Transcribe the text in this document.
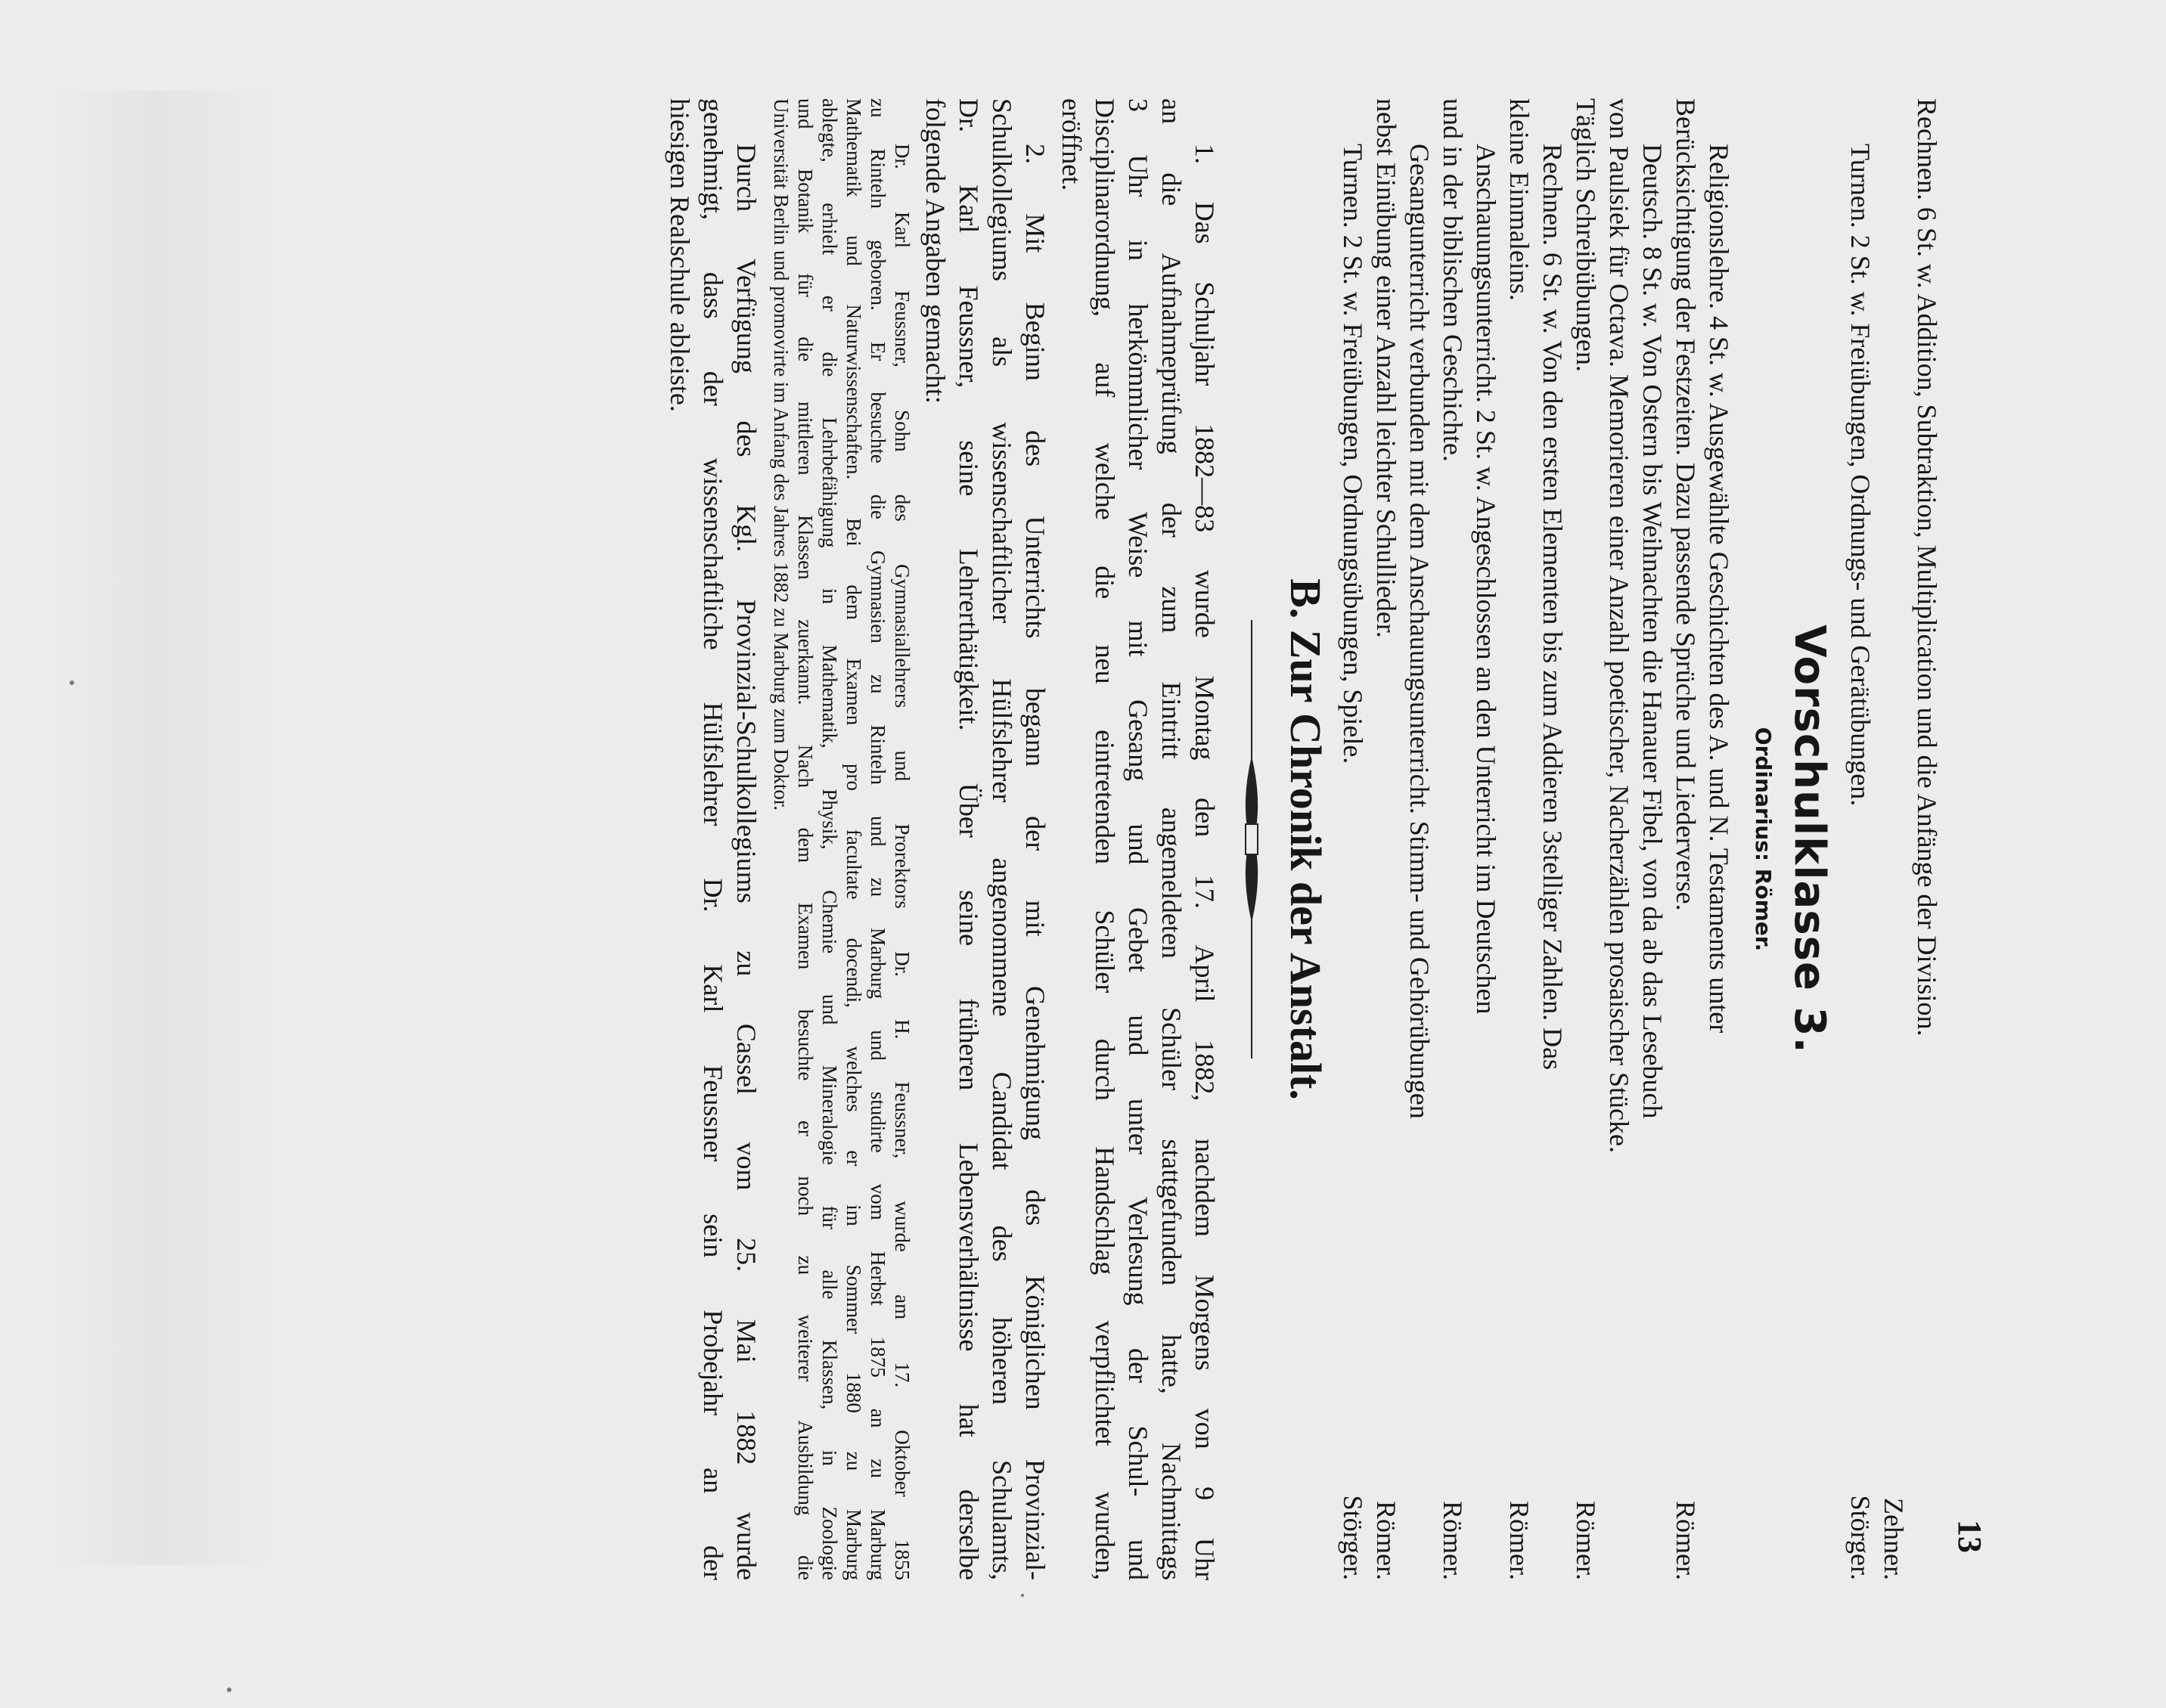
13
Rechnen. 6 St. w. Addition, Subtraktion, Multiplication und die Anfänge der Division.
Zehner.
Turnen. 2 St. w. Freiübungen, Ordnungs- und Gerätübungen.
Störger.
Vorschulklasse 3.
Ordinarius: Römer.
B. Zur Chronik der Anstalt.	Religionslehre. 4 St. w. Ausgewählte Geschichten des A. und N. Testaments unter
Berücksichtigung der Festzeiten. Dazu passende Sprüche und Liederverse.
Römer.
Deutsch. 8 St. w. Von Ostern bis Weihnachten die Hanauer Fibel, von da ab das Lesebuch
von Paulsiek für Octava. Memorieren einer Anzahl poetischer, Nacherzählen prosaischer Stücke.
Täglich Schreibübungen.
Römer.
Rechnen. 6 St. w. Von den ersten Elementen bis zum Addieren 3stelliger Zahlen. Das
kleine Einmaleins.
Römer.
Anschauungsunterricht. 2 St. w. Angeschlossen an den Unterricht im Deutschen
und in der biblischen Geschichte.
Römer.
Gesangunterricht verbunden mit dem Anschauungsunterricht. Stimm- und Gehörübungen
nebst Einübung einer Anzahl leichter Schullieder.
Römer.
Turnen. 2 St. w. Freiübungen, Ordnungsübungen, Spiele.
Störger.
1. Das Schuljahr 1882—83 wurde Montag den 17. April 1882, nachdem Morgens von 9 Uhr
an die Aufnahmeprüfung der zum Eintritt angemeldeten Schüler stattgefunden hatte, Nachmittags
3 Uhr in herkömmlicher Weise mit Gesang und Gebet und unter Verlesung der Schul- und
Disciplinarordnung, auf welche die neu eintretenden Schüler durch Handschlag verpflichtet wurden,
eröffnet.
2. Mit Beginn des Unterrichts begann der mit Genehmigung des Königlichen Provinzial-
Schulkollegiums als wissenschaftlicher Hülfslehrer angenommene Candidat des höheren Schulamts,
Dr. Karl Feussner, seine Lehrerthätigkeit. Über seine früheren Lebensverhältnisse hat derselbe
folgende Angaben gemacht:
Dr. Karl Feussner, Sohn des Gymnasiallehrers und Prorektors Dr. H. Feussner, wurde am 17. Oktober 1855
zu Rinteln geboren. Er besuchte die Gymnasien zu Rinteln und zu Marburg und studirte vom Herbst 1875 an zu Marburg
Mathematik und Naturwissenschaften. Bei dem Examen pro facultate docendi, welches er im Sommer 1880 zu Marburg
ablegte, erhielt er die Lehrbefähigung in Mathematik, Physik, Chemie und Mineralogie für alle Klassen, in Zoologie
und Botanik für die mittleren Klassen zuerkannt. Nach dem Examen besuchte er noch zu weiterer Ausbildung die
Universität Berlin und promovirte im Anfang des Jahres 1882 zu Marburg zum Doktor.
Durch Verfügung des Kgl. Provinzial-Schulkollegiums zu Cassel vom 25. Mai 1882 wurde
genehmigt, dass der wissenschaftliche Hülfslehrer Dr. Karl Feussner sein Probejahr an der
hiesigen Realschule ableiste.
